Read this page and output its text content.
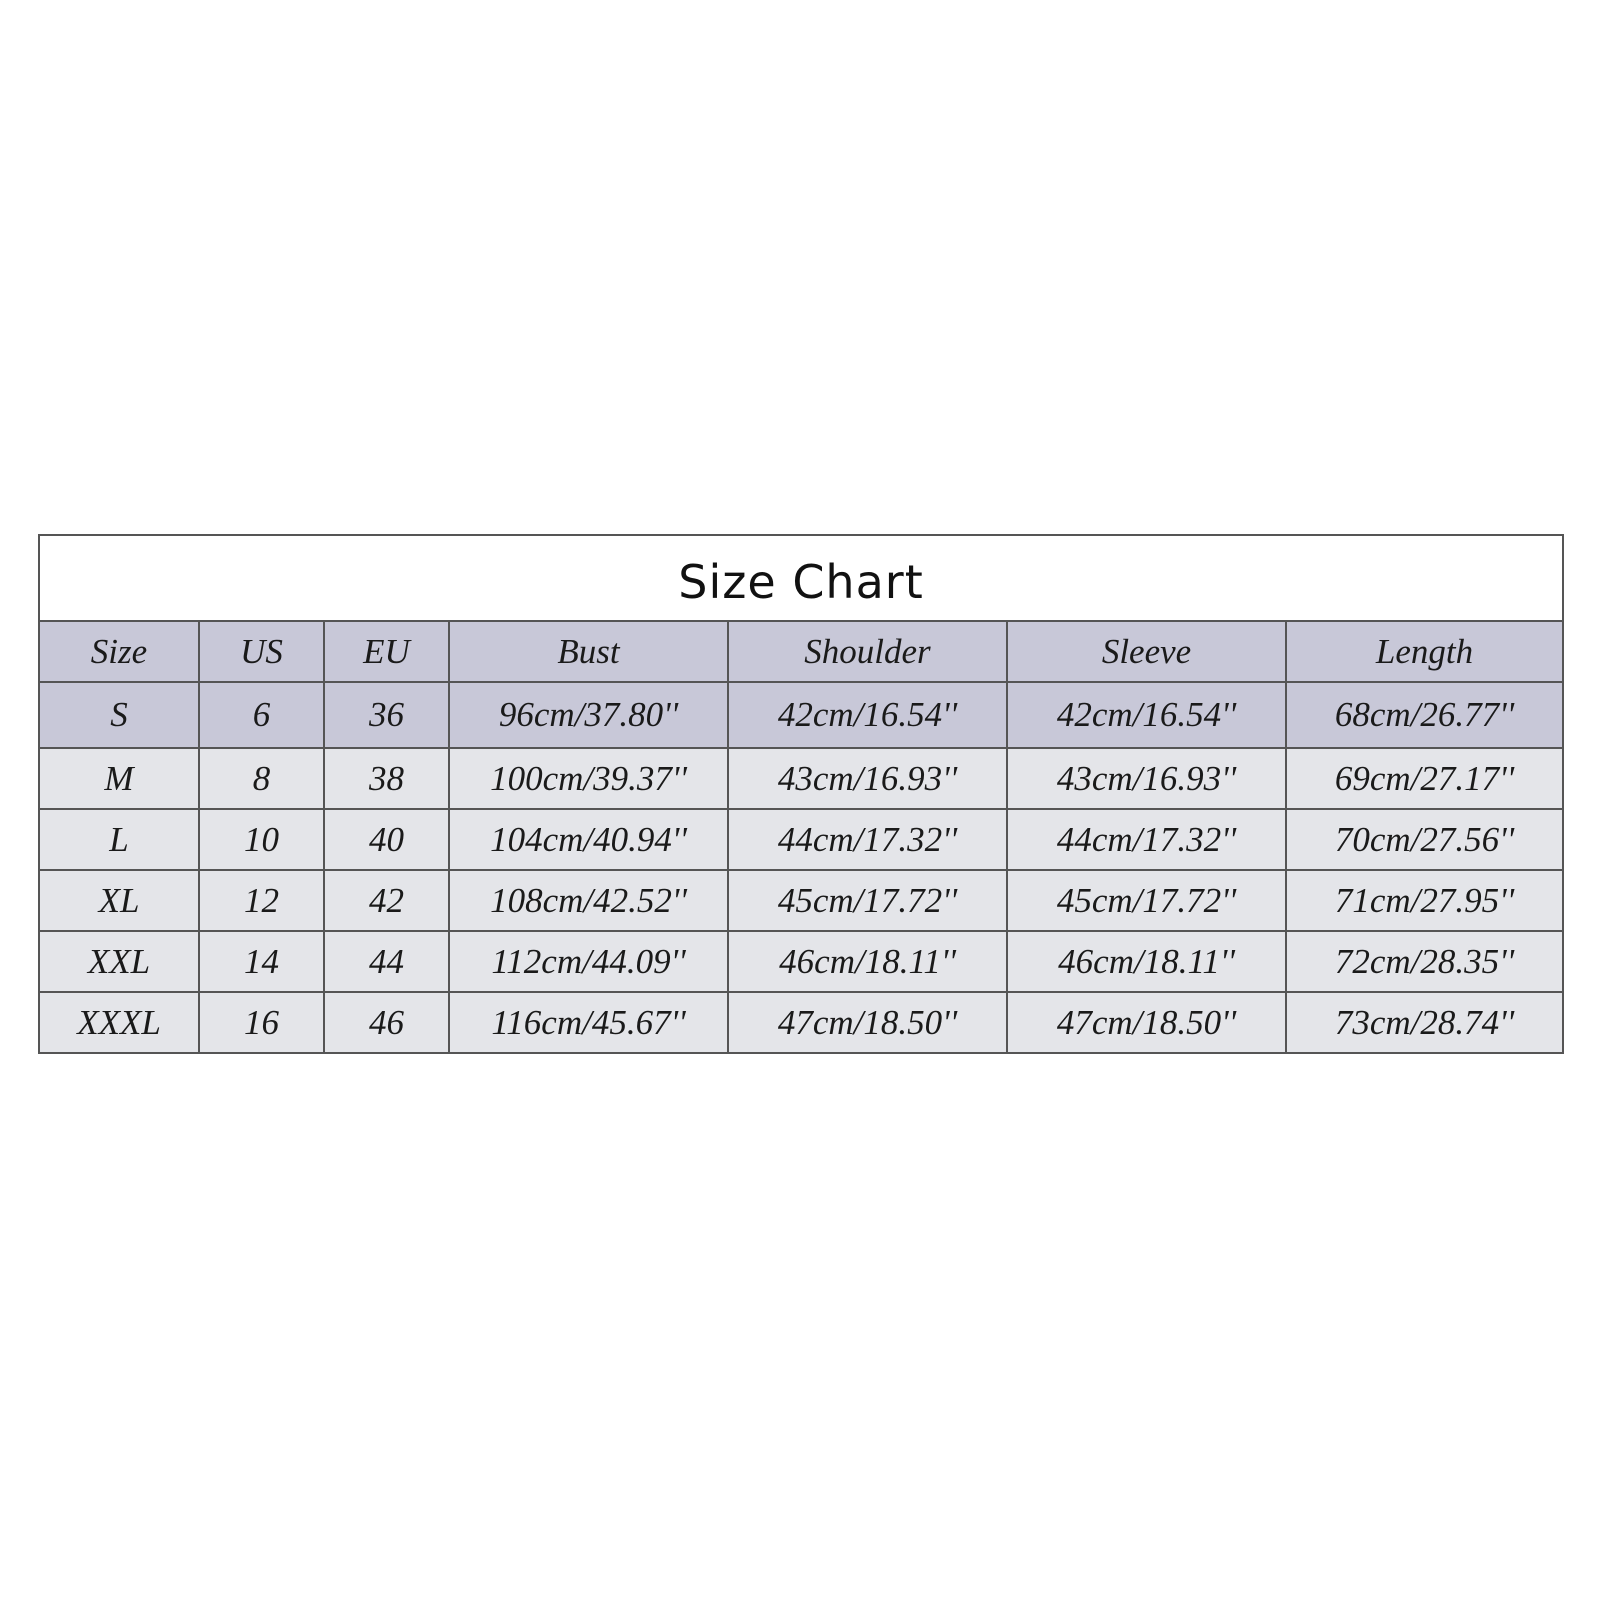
Size Chart
Size	US	EU	Bust	Shoulder	Sleeve	Length
S	6	36	96cm/37.80''	42cm/16.54''	42cm/16.54''	68cm/26.77''
M	8	38	100cm/39.37''	43cm/16.93''	43cm/16.93''	69cm/27.17''
L	10	40	104cm/40.94''	44cm/17.32''	44cm/17.32''	70cm/27.56''
XL	12	42	108cm/42.52''	45cm/17.72''	45cm/17.72''	71cm/27.95''
XXL	14	44	112cm/44.09''	46cm/18.11''	46cm/18.11''	72cm/28.35''
XXXL	16	46	116cm/45.67''	47cm/18.50''	47cm/18.50''	73cm/28.74''
